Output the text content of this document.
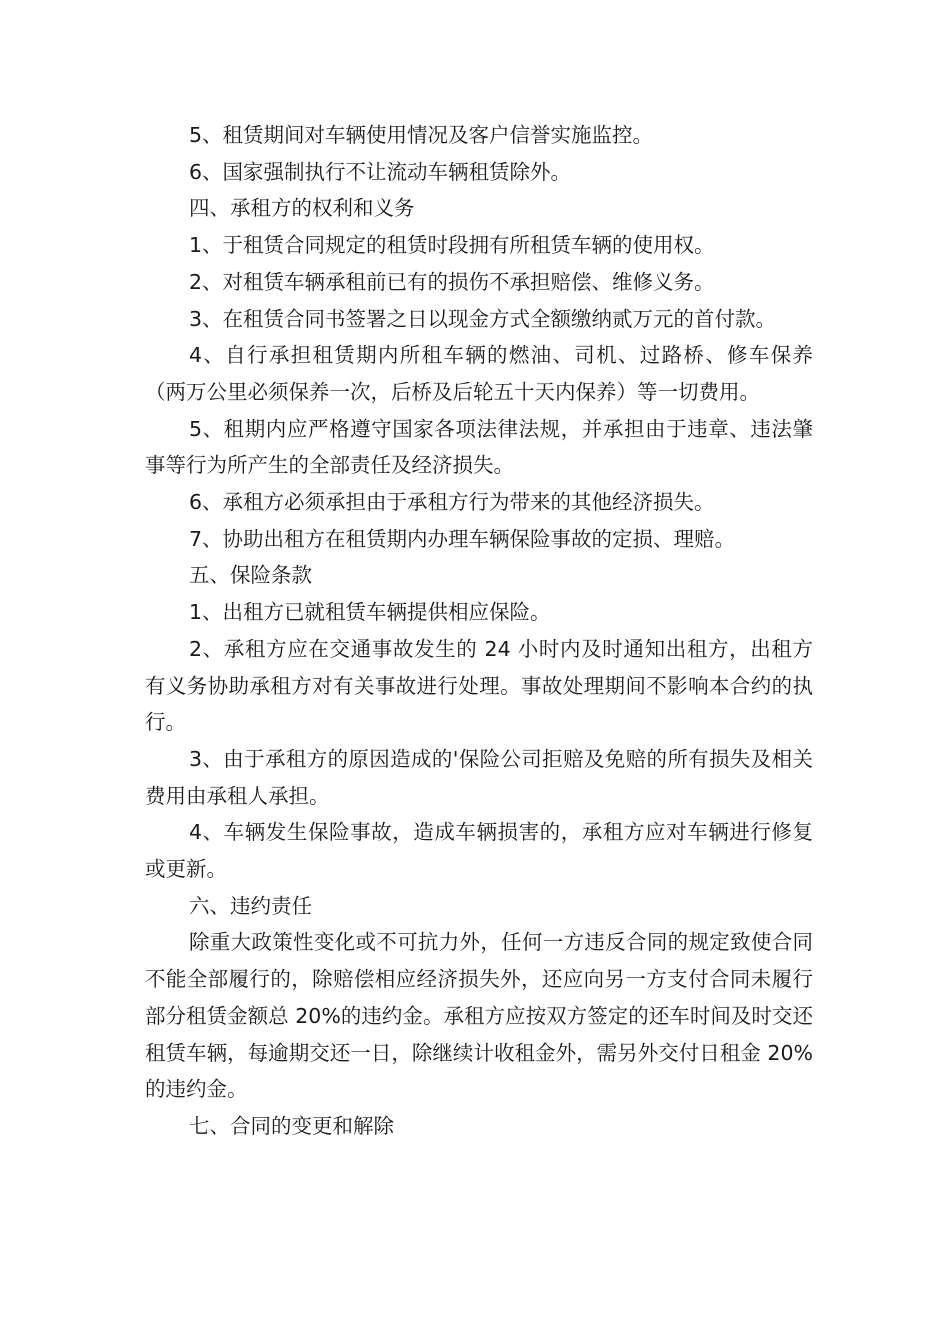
5、租赁期间对车辆使用情况及客户信誉实施监控。

6、国家强制执行不让流动车辆租赁除外。

四、承租方的权利和义务

1、于租赁合同规定的租赁时段拥有所租赁车辆的使用权。

2、对租赁车辆承租前已有的损伤不承担赔偿、维修义务。

3、在租赁合同书签署之日以现金方式全额缴纳贰万元的首付款。

4、自行承担租赁期内所租车辆的燃油、司机、过路桥、修车保养（两万公里必须保养一次，后桥及后轮五十天内保养）等一切费用。

5、租期内应严格遵守国家各项法律法规，并承担由于违章、违法肇事等行为所产生的全部责任及经济损失。

6、承租方必须承担由于承租方行为带来的其他经济损失。

7、协助出租方在租赁期内办理车辆保险事故的定损、理赔。

五、保险条款

1、出租方已就租赁车辆提供相应保险。

2、承租方应在交通事故发生的 24 小时内及时通知出租方，出租方有义务协助承租方对有关事故进行处理。事故处理期间不影响本合约的执行。

3、由于承租方的原因造成的'保险公司拒赔及免赔的所有损失及相关费用由承租人承担。

4、车辆发生保险事故，造成车辆损害的，承租方应对车辆进行修复或更新。

六、违约责任

除重大政策性变化或不可抗力外，任何一方违反合同的规定致使合同不能全部履行的，除赔偿相应经济损失外，还应向另一方支付合同未履行部分租赁金额总 20%的违约金。承租方应按双方签定的还车时间及时交还租赁车辆，每逾期交还一日，除继续计收租金外，需另外交付日租金 20%的违约金。

七、合同的变更和解除
